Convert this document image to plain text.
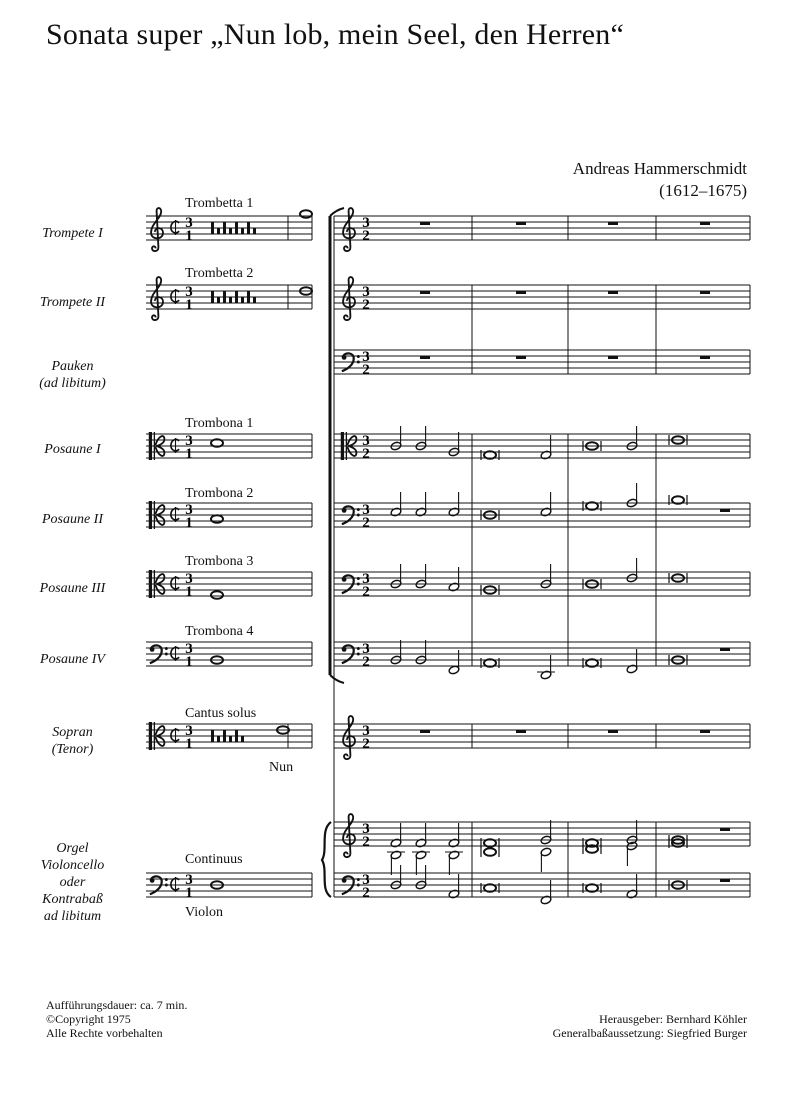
Sonata super „Nun lob, mein Seel, den Herren“
Andreas Hammerschmidt
(1612–1675)
Trompete I
Trompete II
Pauken
(ad libitum)
Posaune I
Posaune II
Posaune III
Posaune IV
Sopran
(Tenor)
Orgel
Violoncello
oder
Kontrabaß
ad libitum
Trombetta 1
Trombetta 2
Trombona 1
Trombona 2
Trombona 3
Trombona 4
Cantus solus
Continuus
Nun
Violon
3
1
3
2
3
1
3
2
3
2
3
1
3
2
3
1
3
2
3
1
3
2
3
1
3
2
3
1
3
2
3
2
3
1
3
2
Aufführungsdauer: ca. 7 min.
©Copyright 1975
Alle Rechte vorbehalten
Herausgeber: Bernhard Köhler
Generalbaßaussetzung: Siegfried Burger
